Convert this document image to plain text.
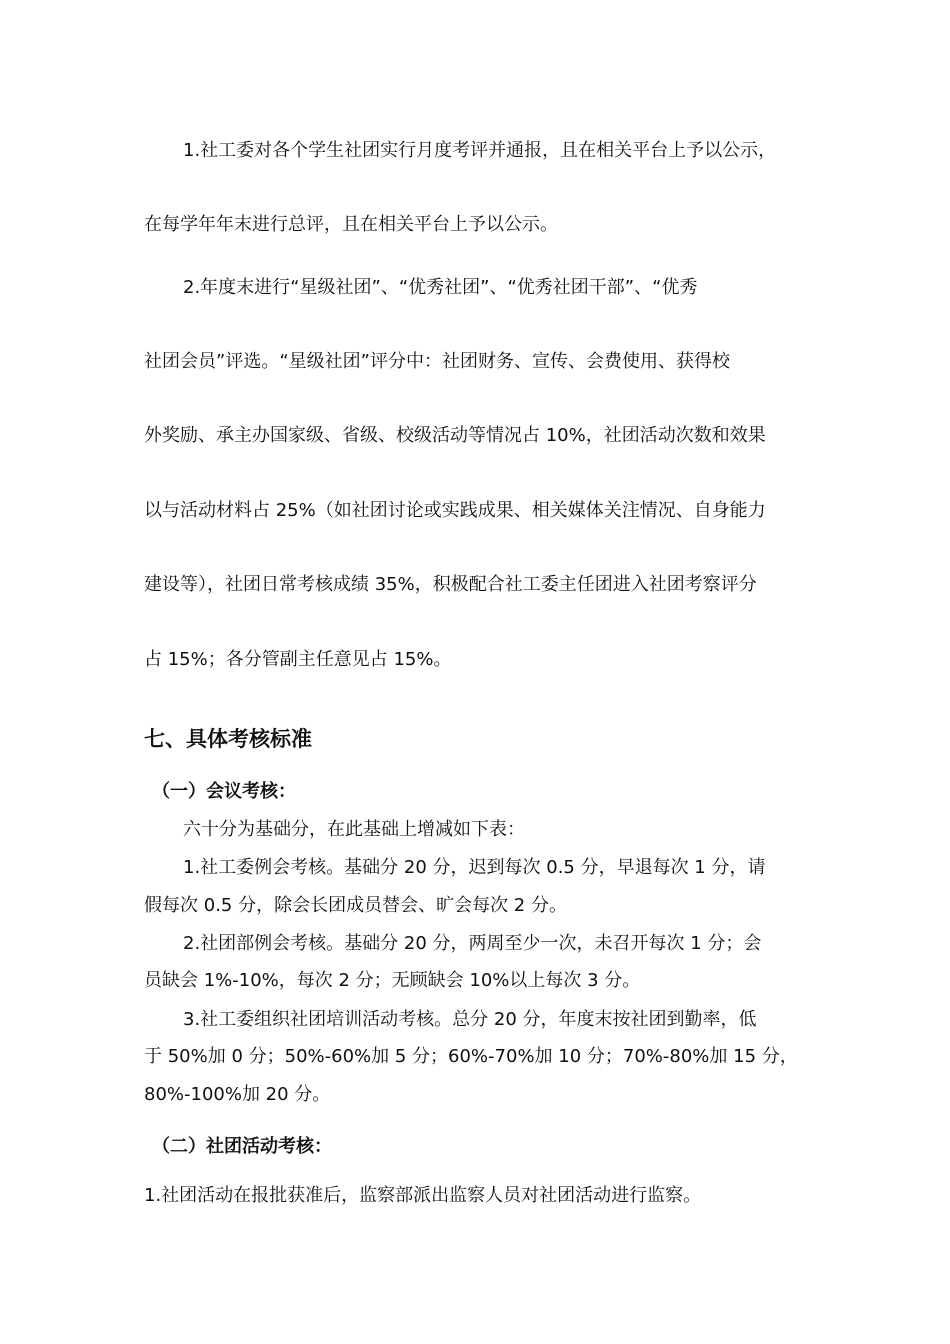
1.社工委对各个学生社团实行月度考评并通报，且在相关平台上予以公示，
在每学年年末进行总评，且在相关平台上予以公示。
2.年度末进行“星级社团”、“优秀社团”、“优秀社团干部”、“优秀
社团会员”评选。“星级社团”评分中：社团财务、宣传、会费使用、获得校
外奖励、承主办国家级、省级、校级活动等情况占 10%，社团活动次数和效果
以与活动材料占 25%（如社团讨论或实践成果、相关媒体关注情况、自身能力
建设等），社团日常考核成绩 35%，积极配合社工委主任团进入社团考察评分
占 15%；各分管副主任意见占 15%。
七、具体考核标准
（一）会议考核：
六十分为基础分，在此基础上增减如下表：
1.社工委例会考核。基础分 20 分，迟到每次 0.5 分，早退每次 1 分，请
假每次 0.5 分，除会长团成员替会、旷会每次 2 分。
2.社团部例会考核。基础分 20 分，两周至少一次，未召开每次 1 分；会
员缺会 1%-10%，每次 2 分；无顾缺会 10%以上每次 3 分。
3.社工委组织社团培训活动考核。总分 20 分，年度末按社团到勤率，低
于 50%加 0 分；50%-60%加 5 分；60%-70%加 10 分；70%-80%加 15 分，
80%-100%加 20 分。
（二）社团活动考核：
1.社团活动在报批获准后，监察部派出监察人员对社团活动进行监察。
